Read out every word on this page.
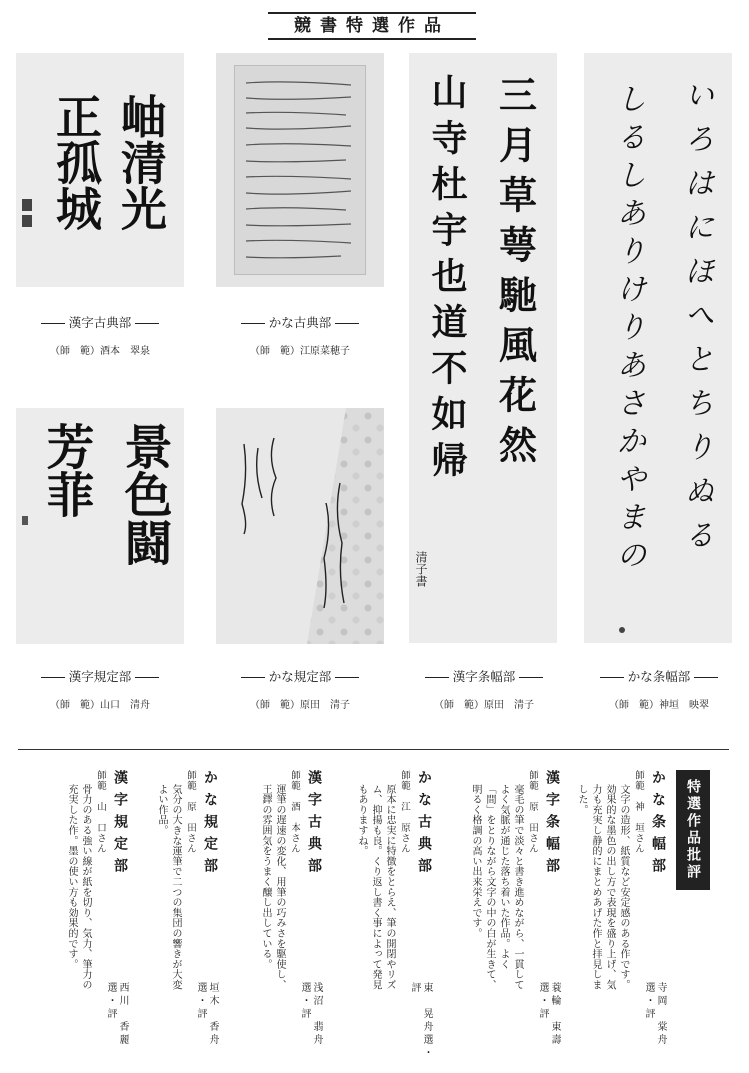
競書特選作品
岫清光
正孤城
漢字古典部
（師　範）酒本　翠泉
かな古典部
（師　範）江原菜穂子	三月草萼馳風花然
山寺杜宇也道不如帰
清子書
漢字条幅部
（師　範）原田　清子
いろはにほへとちりぬる
しるしありけりあさかやまの
かな条幅部
（師　範）神垣　映翠
景色闘
芳菲
漢字規定部
（師　範）山口　清舟
かな規定部
（師　範）原田　清子
特選作品批評
かな条幅部
師範　神　垣さん
文字の造形、紙質など安定感のある作です。効果的な墨色の出し方で表現を盛り上げ、気力も充実し静的にまとめあげた作と拝見しました。
寺岡　棠舟選・評
漢字条幅部
師範　原　田さん
毫毛の筆で淡々と書き進めながら、一貫してよく気脈が通じた落ち着いた作品。よく「間」をとりながら文字の中の白が生きて、明るく格調の高い出来栄えです。
蓑輪　東壽選・評
かな古典部
師範　江　原さん
原本に忠実に特徴をとらえ、筆の開閉やリズム、抑揚も良。くり返し書く事によって発見もありますね。
東　晃舟選・評
漢字古典部
師範　酒　本さん
運筆の遅速の変化、用筆の巧みさを駆使し、王鐸の雰囲気をうまく醸し出している。
浅沼　翡舟選・評
かな規定部
師範　原　田さん
気分の大きな運筆で二つの集団の響きが大変よい作品。
垣木　香舟選・評
漢字規定部
師範　山　口さん
骨力のある強い線が紙を切り、気力、筆力の充実した作。墨の使い方も効果的です。
西川　香麗選・評
